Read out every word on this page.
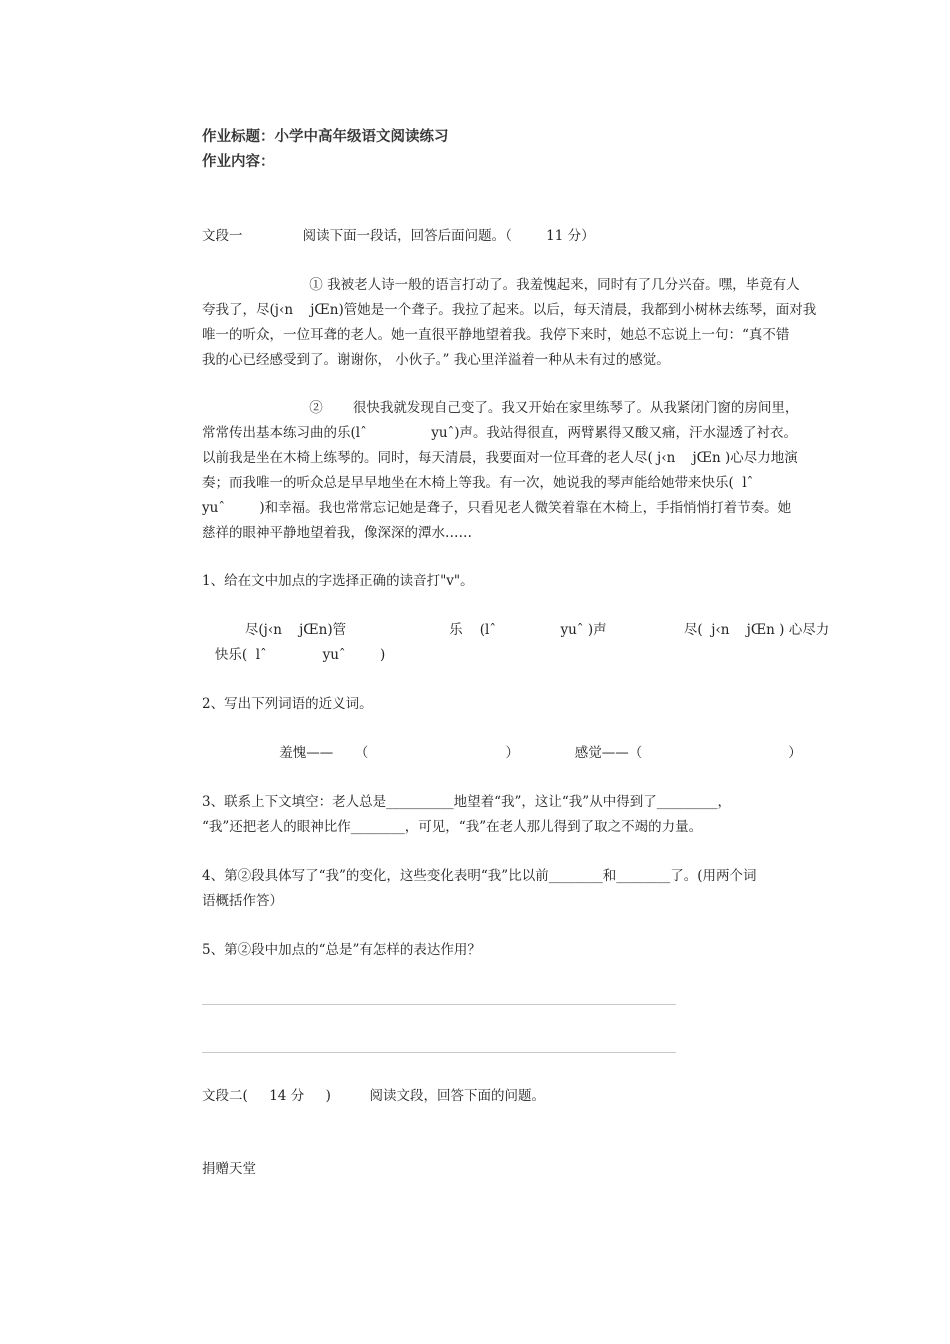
作业标题：小学中高年级语文阅读练习
作业内容：
文段一              阅读下面一段话，回答后面问题。（        11 分）
① 我被老人诗一般的语言打动了。我羞愧起来，同时有了几分兴奋。嘿，毕竟有人
夸我了，尽(j‹n    jŒn)管她是一个聋子。我拉了起来。以后，每天清晨，我都到小树林去练琴，面对我
唯一的听众，一位耳聋的老人。她一直很平静地望着我。我停下来时，她总不忘说上一句：“真不错
我的心已经感受到了。谢谢你， 小伙子。” 我心里洋溢着一种从未有过的感觉。
②       很快我就发现自己变了。我又开始在家里练琴了。从我紧闭门窗的房间里，
常常传出基本练习曲的乐(lˆ               yuˆ)声。我站得很直，两臂累得又酸又痛，汗水湿透了衬衣。
以前我是坐在木椅上练琴的。同时，每天清晨，我要面对一位耳聋的老人尽( j‹n    jŒn )心尽力地演
奏；而我唯一的听众总是早早地坐在木椅上等我。有一次，她说我的琴声能给她带来快乐(  lˆ
yuˆ        )和幸福。我也常常忘记她是聋子，只看见老人微笑着靠在木椅上，手指悄悄打着节奏。她
慈祥的眼神平静地望着我，像深深的潭水……
1、给在文中加点的字选择正确的读音打"v"。
尽(j‹n    jŒn)管                        乐    (lˆ               yuˆ )声                  尽(  j‹n    jŒn ) 心尽力
快乐(  lˆ             yuˆ        )
2、写出下列词语的近义词。
羞愧——     （                                ）             感觉——（                                  ）
3、联系上下文填空：老人总是__________地望着“我”，这让“我”从中得到了_________，
“我”还把老人的眼神比作________，可见，“我”在老人那儿得到了取之不竭的力量。
4、第②段具体写了“我”的变化，这些变化表明“我”比以前________和________了。(用两个词
语概括作答）
5、第②段中加点的“总是”有怎样的表达作用？
文段二(     14 分     )         阅读文段，回答下面的问题。
捐赠天堂
